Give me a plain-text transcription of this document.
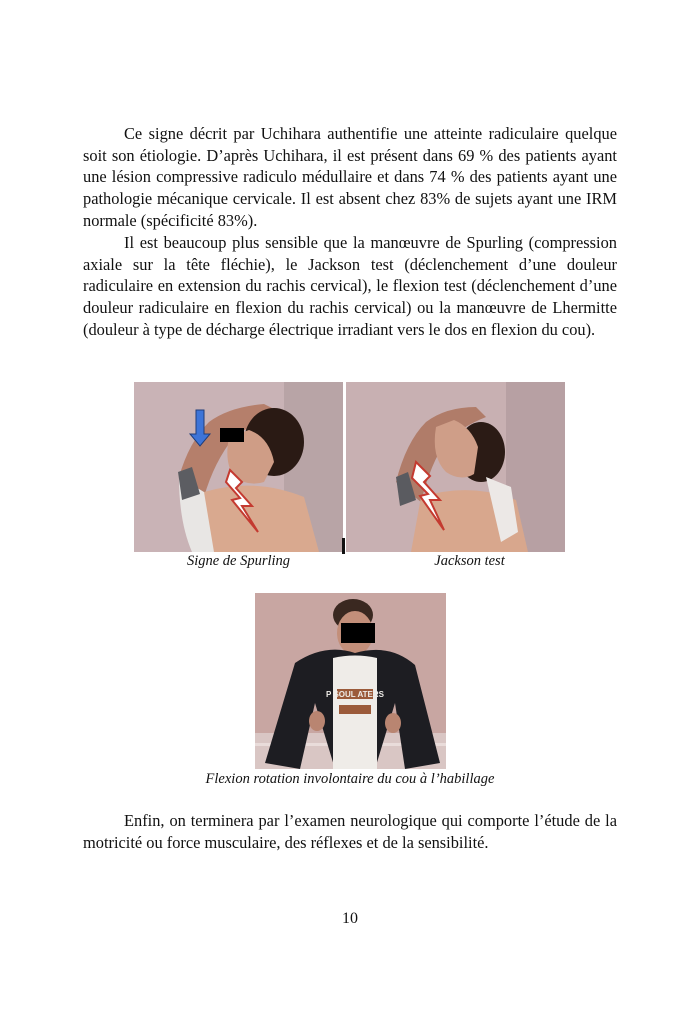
Ce signe décrit par Uchihara authentifie une atteinte radiculaire quelque soit son étiologie. D’après Uchihara, il est présent dans 69 % des patients ayant une lésion compressive radiculo médullaire et dans 74 % des patients ayant une pathologie mécanique cervicale. Il est absent chez 83% de sujets ayant une IRM normale (spécificité 83%).

Il est beaucoup plus sensible que la manœuvre de Spurling (compression axiale sur la tête fléchie), le Jackson test (déclenchement d’une douleur radiculaire en extension du rachis cervical), le flexion test (déclenchement d’une douleur radiculaire en flexion du rachis cervical) ou la manœuvre de Lhermitte (douleur à type de décharge électrique irradiant vers le dos en flexion du cou).

Signe de Spurling	Jackson test
P SOUL ATERS
Flexion rotation involontaire du cou à l’habillage

Enfin, on terminera par l’examen neurologique qui comporte l’étude de la motricité ou force musculaire, des réflexes et de la sensibilité.

10
